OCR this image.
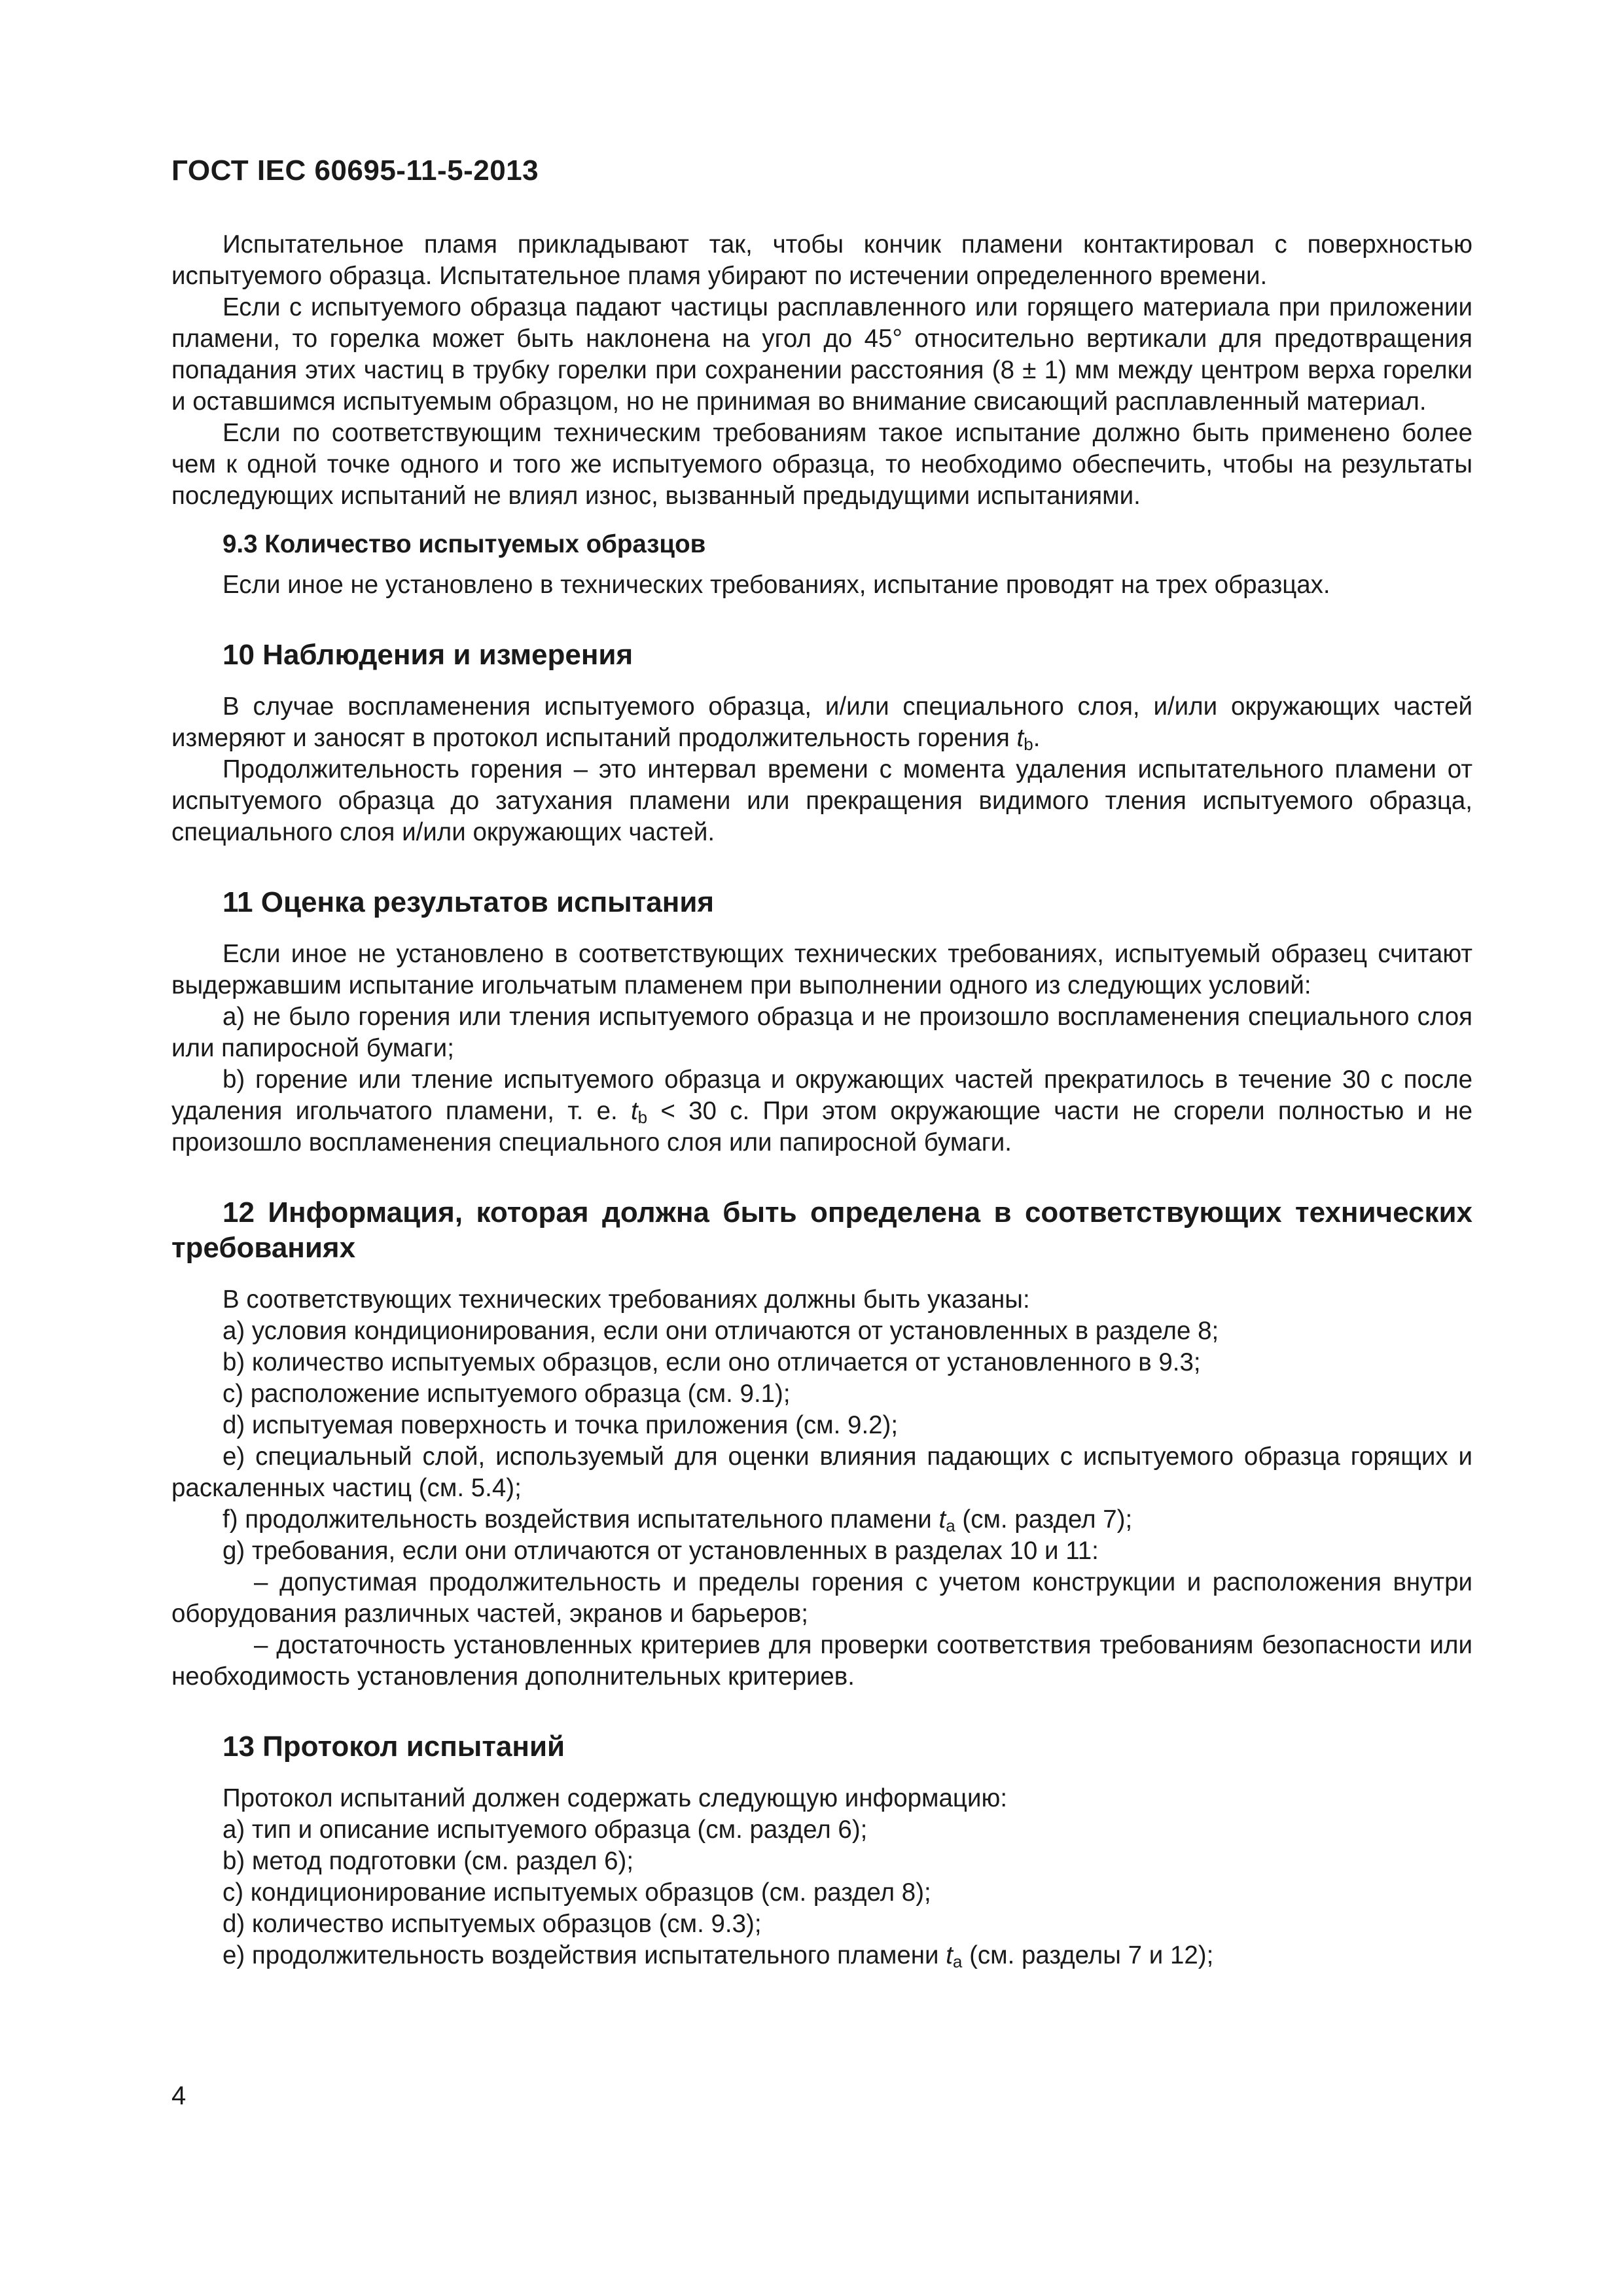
ГОСТ IEC 60695-11-5-2013

Испытательное пламя прикладывают так, чтобы кончик пламени контактировал с поверхностью испытуемого образца. Испытательное пламя убирают по истечении определенного времени.

Если с испытуемого образца падают частицы расплавленного или горящего материала при приложении пламени, то горелка может быть наклонена на угол до 45° относительно вертикали для предотвращения попадания этих частиц в трубку горелки при сохранении расстояния (8 ± 1) мм между центром верха горелки и оставшимся испытуемым образцом, но не принимая во внимание свисающий расплавленный материал.

Если по соответствующим техническим требованиям такое испытание должно быть применено более чем к одной точке одного и того же испытуемого образца, то необходимо обеспечить, чтобы на результаты последующих испытаний не влиял износ, вызванный предыдущими испытаниями.

9.3 Количество испытуемых образцов

Если иное не установлено в технических требованиях, испытание проводят на трех образцах.

10 Наблюдения и измерения

В случае воспламенения испытуемого образца, и/или специального слоя, и/или окружающих частей измеряют и заносят в протокол испытаний продолжительность горения $t_b$.

Продолжительность горения – это интервал времени с момента удаления испытательного пламени от испытуемого образца до затухания пламени или прекращения видимого тления испытуемого образца, специального слоя и/или окружающих частей.

11 Оценка результатов испытания

Если иное не установлено в соответствующих технических требованиях, испытуемый образец считают выдержавшим испытание игольчатым пламенем при выполнении одного из следующих условий:

a) не было горения или тления испытуемого образца и не произошло воспламенения специального слоя или папиросной бумаги;

b) горение или тление испытуемого образца и окружающих частей прекратилось в течение 30 с после удаления игольчатого пламени, т. е. $t_b < 30$ с. При этом окружающие части не сгорели полностью и не произошло воспламенения специального слоя или папиросной бумаги.

12 Информация, которая должна быть определена в соответствующих технических требованиях

В соответствующих технических требованиях должны быть указаны:

a) условия кондиционирования, если они отличаются от установленных в разделе 8;

b) количество испытуемых образцов, если оно отличается от установленного в 9.3;

c) расположение испытуемого образца (см. 9.1);

d) испытуемая поверхность и точка приложения (см. 9.2);

e) специальный слой, используемый для оценки влияния падающих с испытуемого образца горящих и раскаленных частиц (см. 5.4);

f) продолжительность воздействия испытательного пламени $t_a$ (см. раздел 7);

g) требования, если они отличаются от установленных в разделах 10 и 11:

– допустимая продолжительность и пределы горения с учетом конструкции и расположения внутри оборудования различных частей, экранов и барьеров;

– достаточность установленных критериев для проверки соответствия требованиям безопасности или необходимость установления дополнительных критериев.

13 Протокол испытаний

Протокол испытаний должен содержать следующую информацию:

a) тип и описание испытуемого образца (см. раздел 6);

b) метод подготовки (см. раздел 6);

c) кондиционирование испытуемых образцов (см. раздел 8);

d) количество испытуемых образцов (см. 9.3);

e) продолжительность воздействия испытательного пламени $t_a$ (см. разделы 7 и 12);

4
